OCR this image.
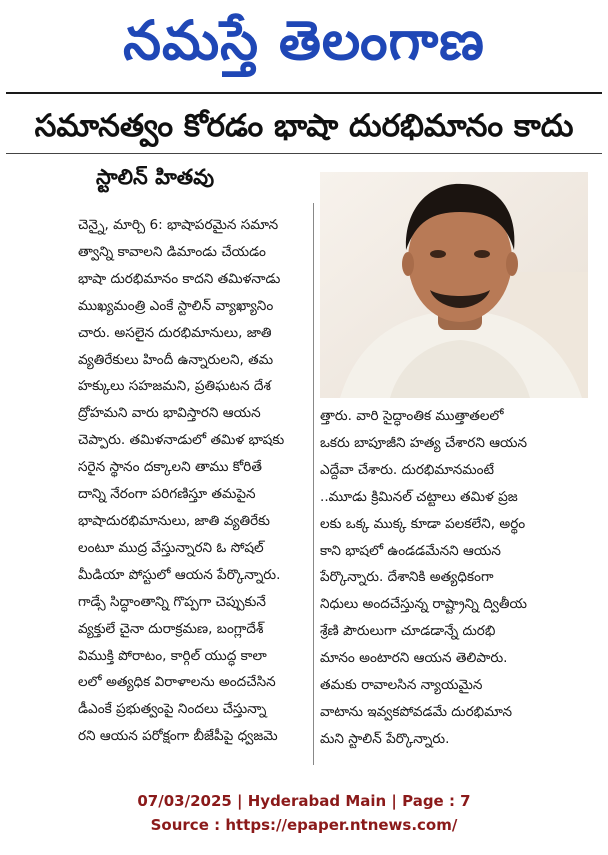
నమస్తే తెలంగాణ
సమానత్వం కోరడం భాషా దురభిమానం కాదు
స్టాలిన్ హితవు

చెన్నై, మార్చి 6: భాషాపరమైన సమాన

త్వాన్ని కావాలని డిమాండు చేయడం

భాషా దురభిమానం కాదని తమిళనాడు

ముఖ్యమంత్రి ఎంకే స్టాలిన్ వ్యాఖ్యానిం

చారు. అసలైన దురభిమానులు, జాతి

వ్యతిరేకులు హిందీ ఉన్నారులని, తమ

హక్కులు సహజమని, ప్రతిఘటన దేశ

ద్రోహమని వారు భావిస్తారని ఆయన

చెప్పారు. తమిళనాడులో తమిళ భాషకు

సరైన స్థానం దక్కాలని తాము కోరితే

దాన్ని నేరంగా పరిగణిస్తూ తమపైన

భాషాదురభిమానులు, జాతి వ్యతిరేకు

లంటూ ముద్ర వేస్తున్నారని ఓ సోషల్

మీడియా పోస్టులో ఆయన పేర్కొన్నారు.

గాడ్సే సిద్ధాంతాన్ని గొప్పగా చెప్పుకునే

వ్యక్తులే చైనా దురాక్రమణ, బంగ్లాదేశ్

విముక్తి పోరాటం, కార్గిల్ యుద్ధ కాలా

లలో అత్యధిక విరాళాలను అందచేసిన

డీఎంకే ప్రభుత్వంపై నిందలు చేస్తున్నా

రని ఆయన పరోక్షంగా బీజేపీపై ధ్వజమె

త్తారు. వారి సైద్ధాంతిక ముత్తాతలలో

ఒకరు బాపూజీని హత్య చేశారని ఆయన

ఎద్దేవా చేశారు. దురభిమానమంటే

..మూడు క్రిమినల్ చట్టాలు తమిళ ప్రజ

లకు ఒక్క ముక్క కూడా పలకలేని, అర్థం

కాని భాషలో ఉండడమేనని ఆయన

పేర్కొన్నారు. దేశానికి అత్యధికంగా

నిధులు అందచేస్తున్న రాష్ట్రాన్ని ద్వితీయ

శ్రేణి పౌరులుగా చూడడాన్నే దురభి

మానం అంటారని ఆయన తెలిపారు.

తమకు రావాలసిన న్యాయమైన

వాటాను ఇవ్వకపోవడమే దురభిమాన

మని స్టాలిన్ పేర్కొన్నారు.

07/03/2025 | Hyderabad Main | Page : 7
Source : https://epaper.ntnews.com/
